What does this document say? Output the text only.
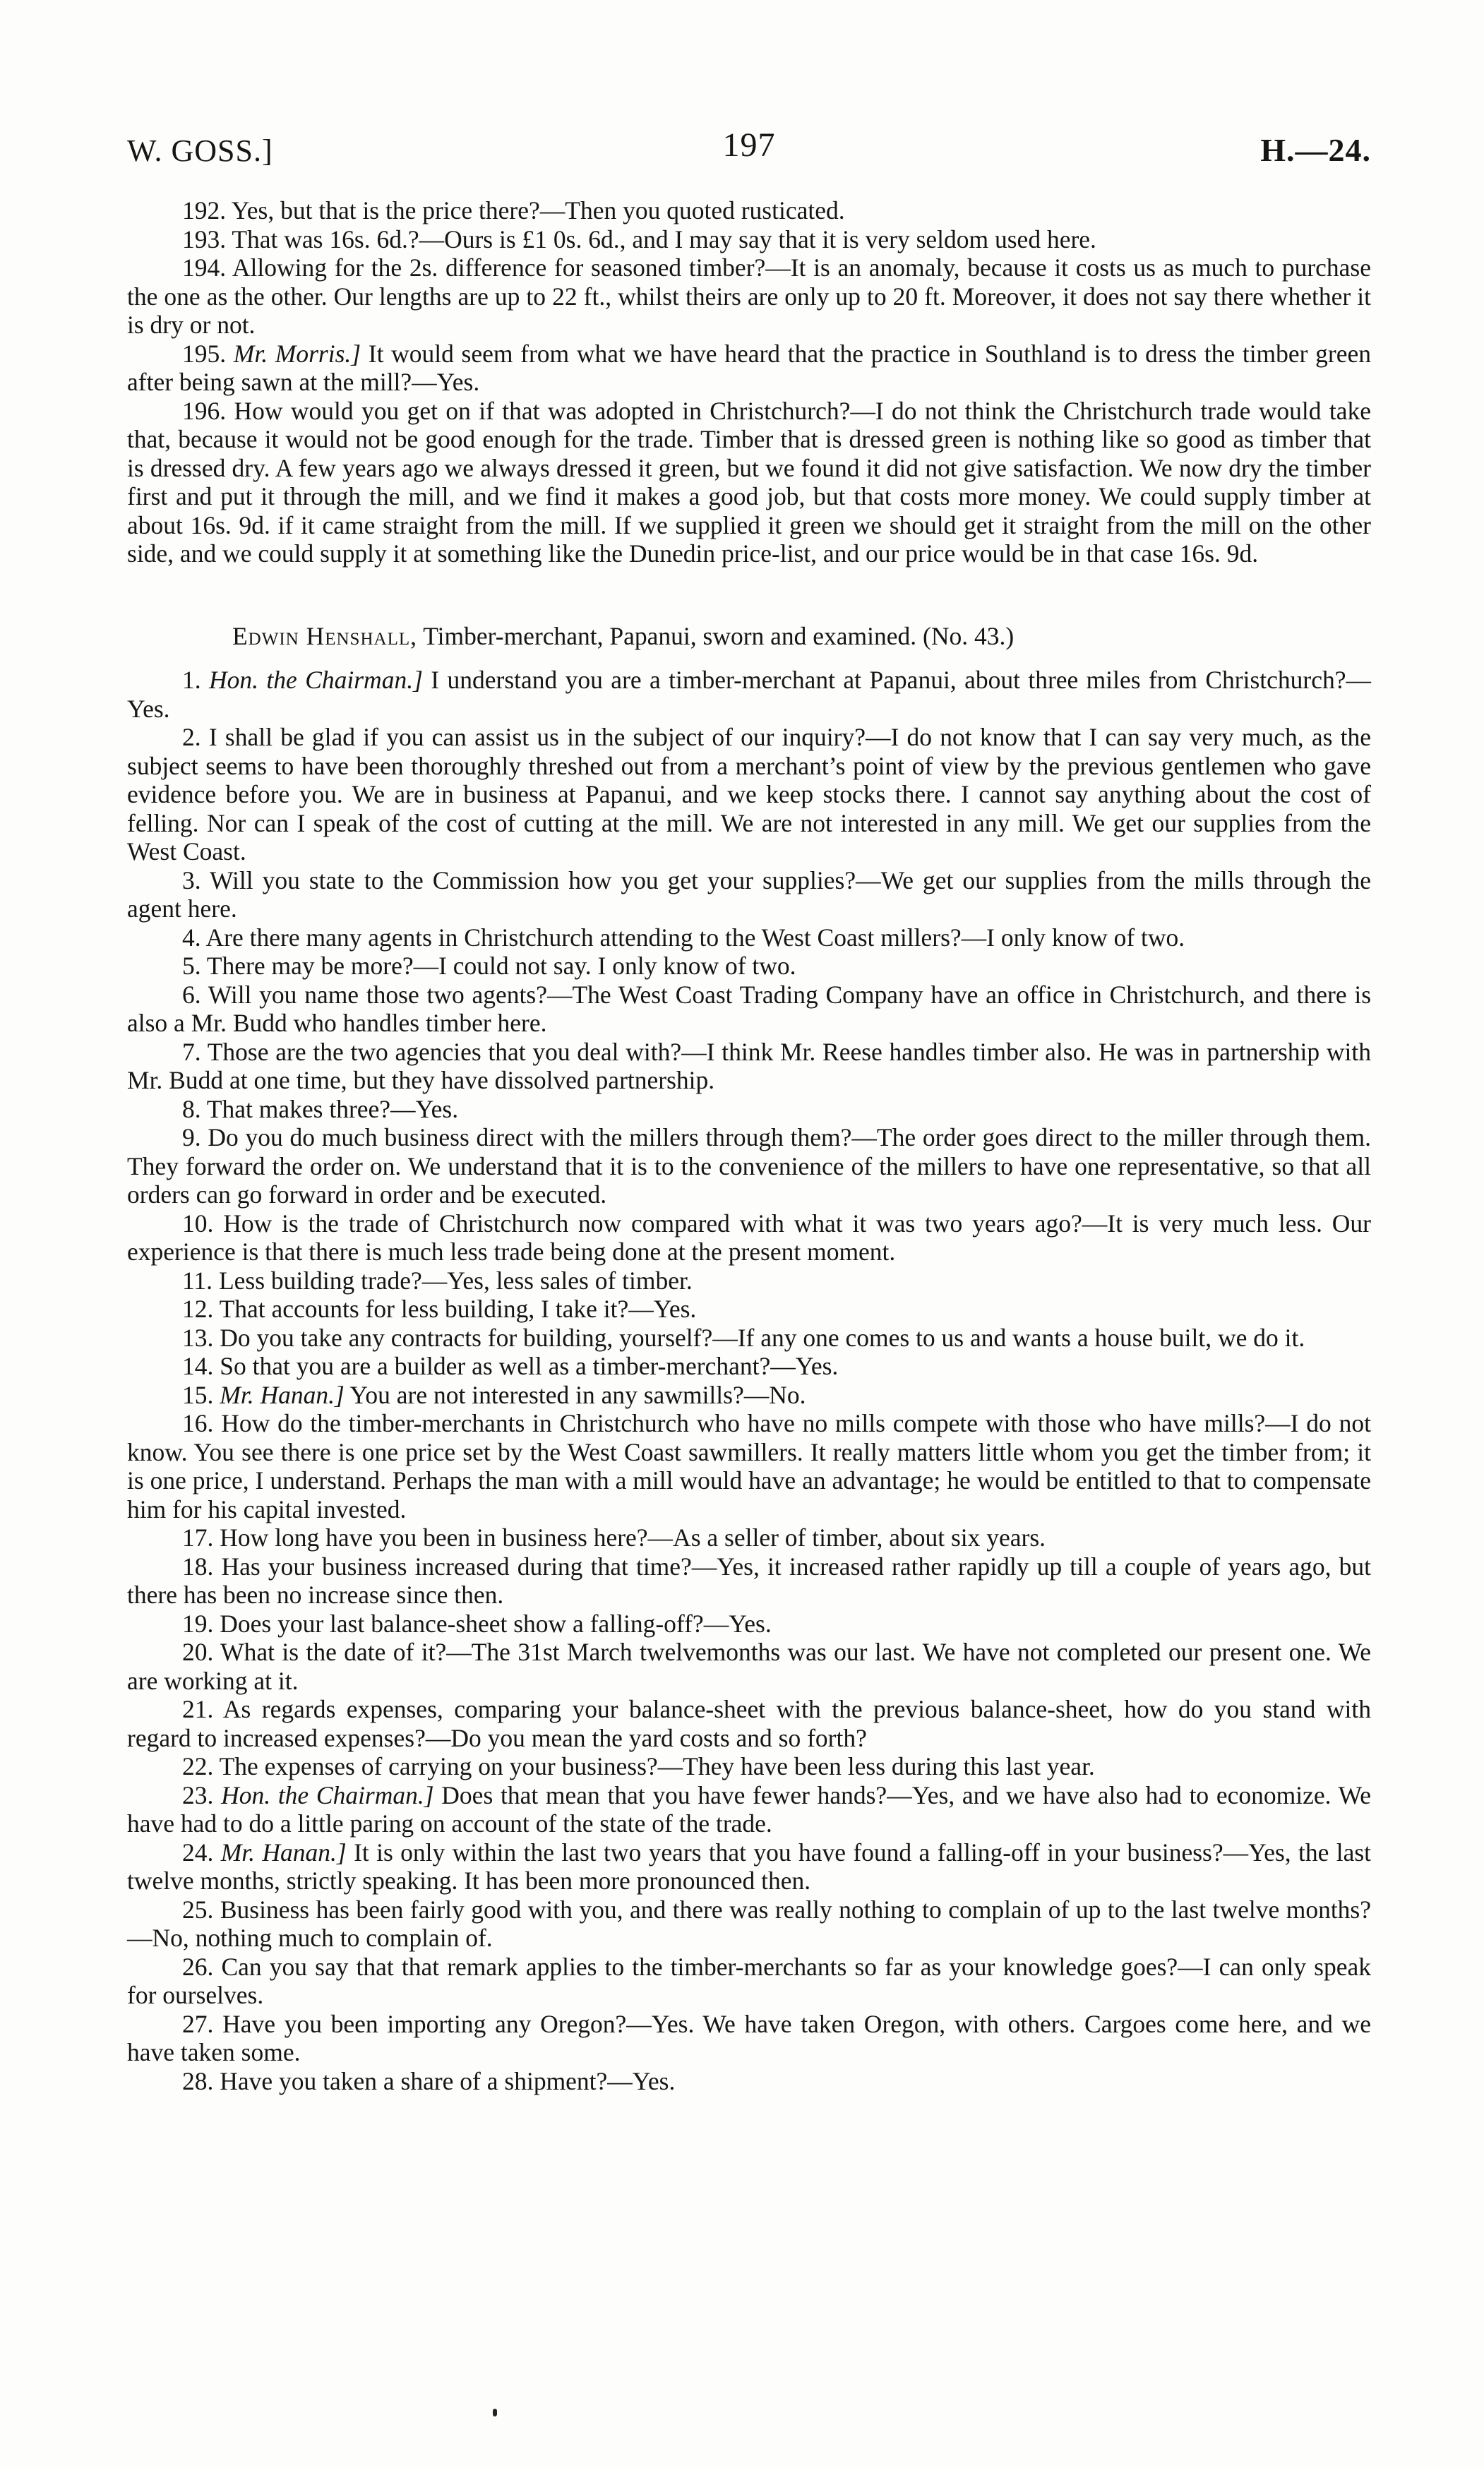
W. GOSS.]	197	H.—24.

192. Yes, but that is the price there?—Then you quoted rusticated.

193. That was 16s. 6d.?—Ours is £1 0s. 6d., and I may say that it is very seldom used here.

194. Allowing for the 2s. difference for seasoned timber?—It is an anomaly, because it costs us as much to purchase the one as the other. Our lengths are up to 22 ft., whilst theirs are only up to 20 ft. Moreover, it does not say there whether it is dry or not.

195. Mr. Morris.] It would seem from what we have heard that the practice in Southland is to dress the timber green after being sawn at the mill?—Yes.

196. How would you get on if that was adopted in Christchurch?—I do not think the Christchurch trade would take that, because it would not be good enough for the trade. Timber that is dressed green is nothing like so good as timber that is dressed dry. A few years ago we always dressed it green, but we found it did not give satisfaction. We now dry the timber first and put it through the mill, and we find it makes a good job, but that costs more money. We could supply timber at about 16s. 9d. if it came straight from the mill. If we supplied it green we should get it straight from the mill on the other side, and we could supply it at something like the Dunedin price-list, and our price would be in that case 16s. 9d.

Edwin Henshall, Timber-merchant, Papanui, sworn and examined. (No. 43.)

1. Hon. the Chairman.] I understand you are a timber-merchant at Papanui, about three miles from Christchurch?—Yes.

2. I shall be glad if you can assist us in the subject of our inquiry?—I do not know that I can say very much, as the subject seems to have been thoroughly threshed out from a merchant’s point of view by the previous gentlemen who gave evidence before you. We are in business at Papanui, and we keep stocks there. I cannot say anything about the cost of felling. Nor can I speak of the cost of cutting at the mill. We are not interested in any mill. We get our supplies from the West Coast.

3. Will you state to the Commission how you get your supplies?—We get our supplies from the mills through the agent here.

4. Are there many agents in Christchurch attending to the West Coast millers?—I only know of two.

5. There may be more?—I could not say. I only know of two.

6. Will you name those two agents?—The West Coast Trading Company have an office in Christchurch, and there is also a Mr. Budd who handles timber here.

7. Those are the two agencies that you deal with?—I think Mr. Reese handles timber also. He was in partnership with Mr. Budd at one time, but they have dissolved partnership.

8. That makes three?—Yes.

9. Do you do much business direct with the millers through them?—The order goes direct to the miller through them. They forward the order on. We understand that it is to the convenience of the millers to have one representative, so that all orders can go forward in order and be executed.

10. How is the trade of Christchurch now compared with what it was two years ago?—It is very much less. Our experience is that there is much less trade being done at the present moment.

11. Less building trade?—Yes, less sales of timber.

12. That accounts for less building, I take it?—Yes.

13. Do you take any contracts for building, yourself?—If any one comes to us and wants a house built, we do it.

14. So that you are a builder as well as a timber-merchant?—Yes.

15. Mr. Hanan.] You are not interested in any sawmills?—No.

16. How do the timber-merchants in Christchurch who have no mills compete with those who have mills?—I do not know. You see there is one price set by the West Coast sawmillers. It really matters little whom you get the timber from; it is one price, I understand. Perhaps the man with a mill would have an advantage; he would be entitled to that to compensate him for his capital invested.

17. How long have you been in business here?—As a seller of timber, about six years.

18. Has your business increased during that time?—Yes, it increased rather rapidly up till a couple of years ago, but there has been no increase since then.

19. Does your last balance-sheet show a falling-off?—Yes.

20. What is the date of it?—The 31st March twelvemonths was our last. We have not completed our present one. We are working at it.

21. As regards expenses, comparing your balance-sheet with the previous balance-sheet, how do you stand with regard to increased expenses?—Do you mean the yard costs and so forth?

22. The expenses of carrying on your business?—They have been less during this last year.

23. Hon. the Chairman.] Does that mean that you have fewer hands?—Yes, and we have also had to economize. We have had to do a little paring on account of the state of the trade.

24. Mr. Hanan.] It is only within the last two years that you have found a falling-off in your business?—Yes, the last twelve months, strictly speaking. It has been more pronounced then.

25. Business has been fairly good with you, and there was really nothing to complain of up to the last twelve months?—No, nothing much to complain of.

26. Can you say that that remark applies to the timber-merchants so far as your knowledge goes?—I can only speak for ourselves.

27. Have you been importing any Oregon?—Yes. We have taken Oregon, with others. Cargoes come here, and we have taken some.

28. Have you taken a share of a shipment?—Yes.
